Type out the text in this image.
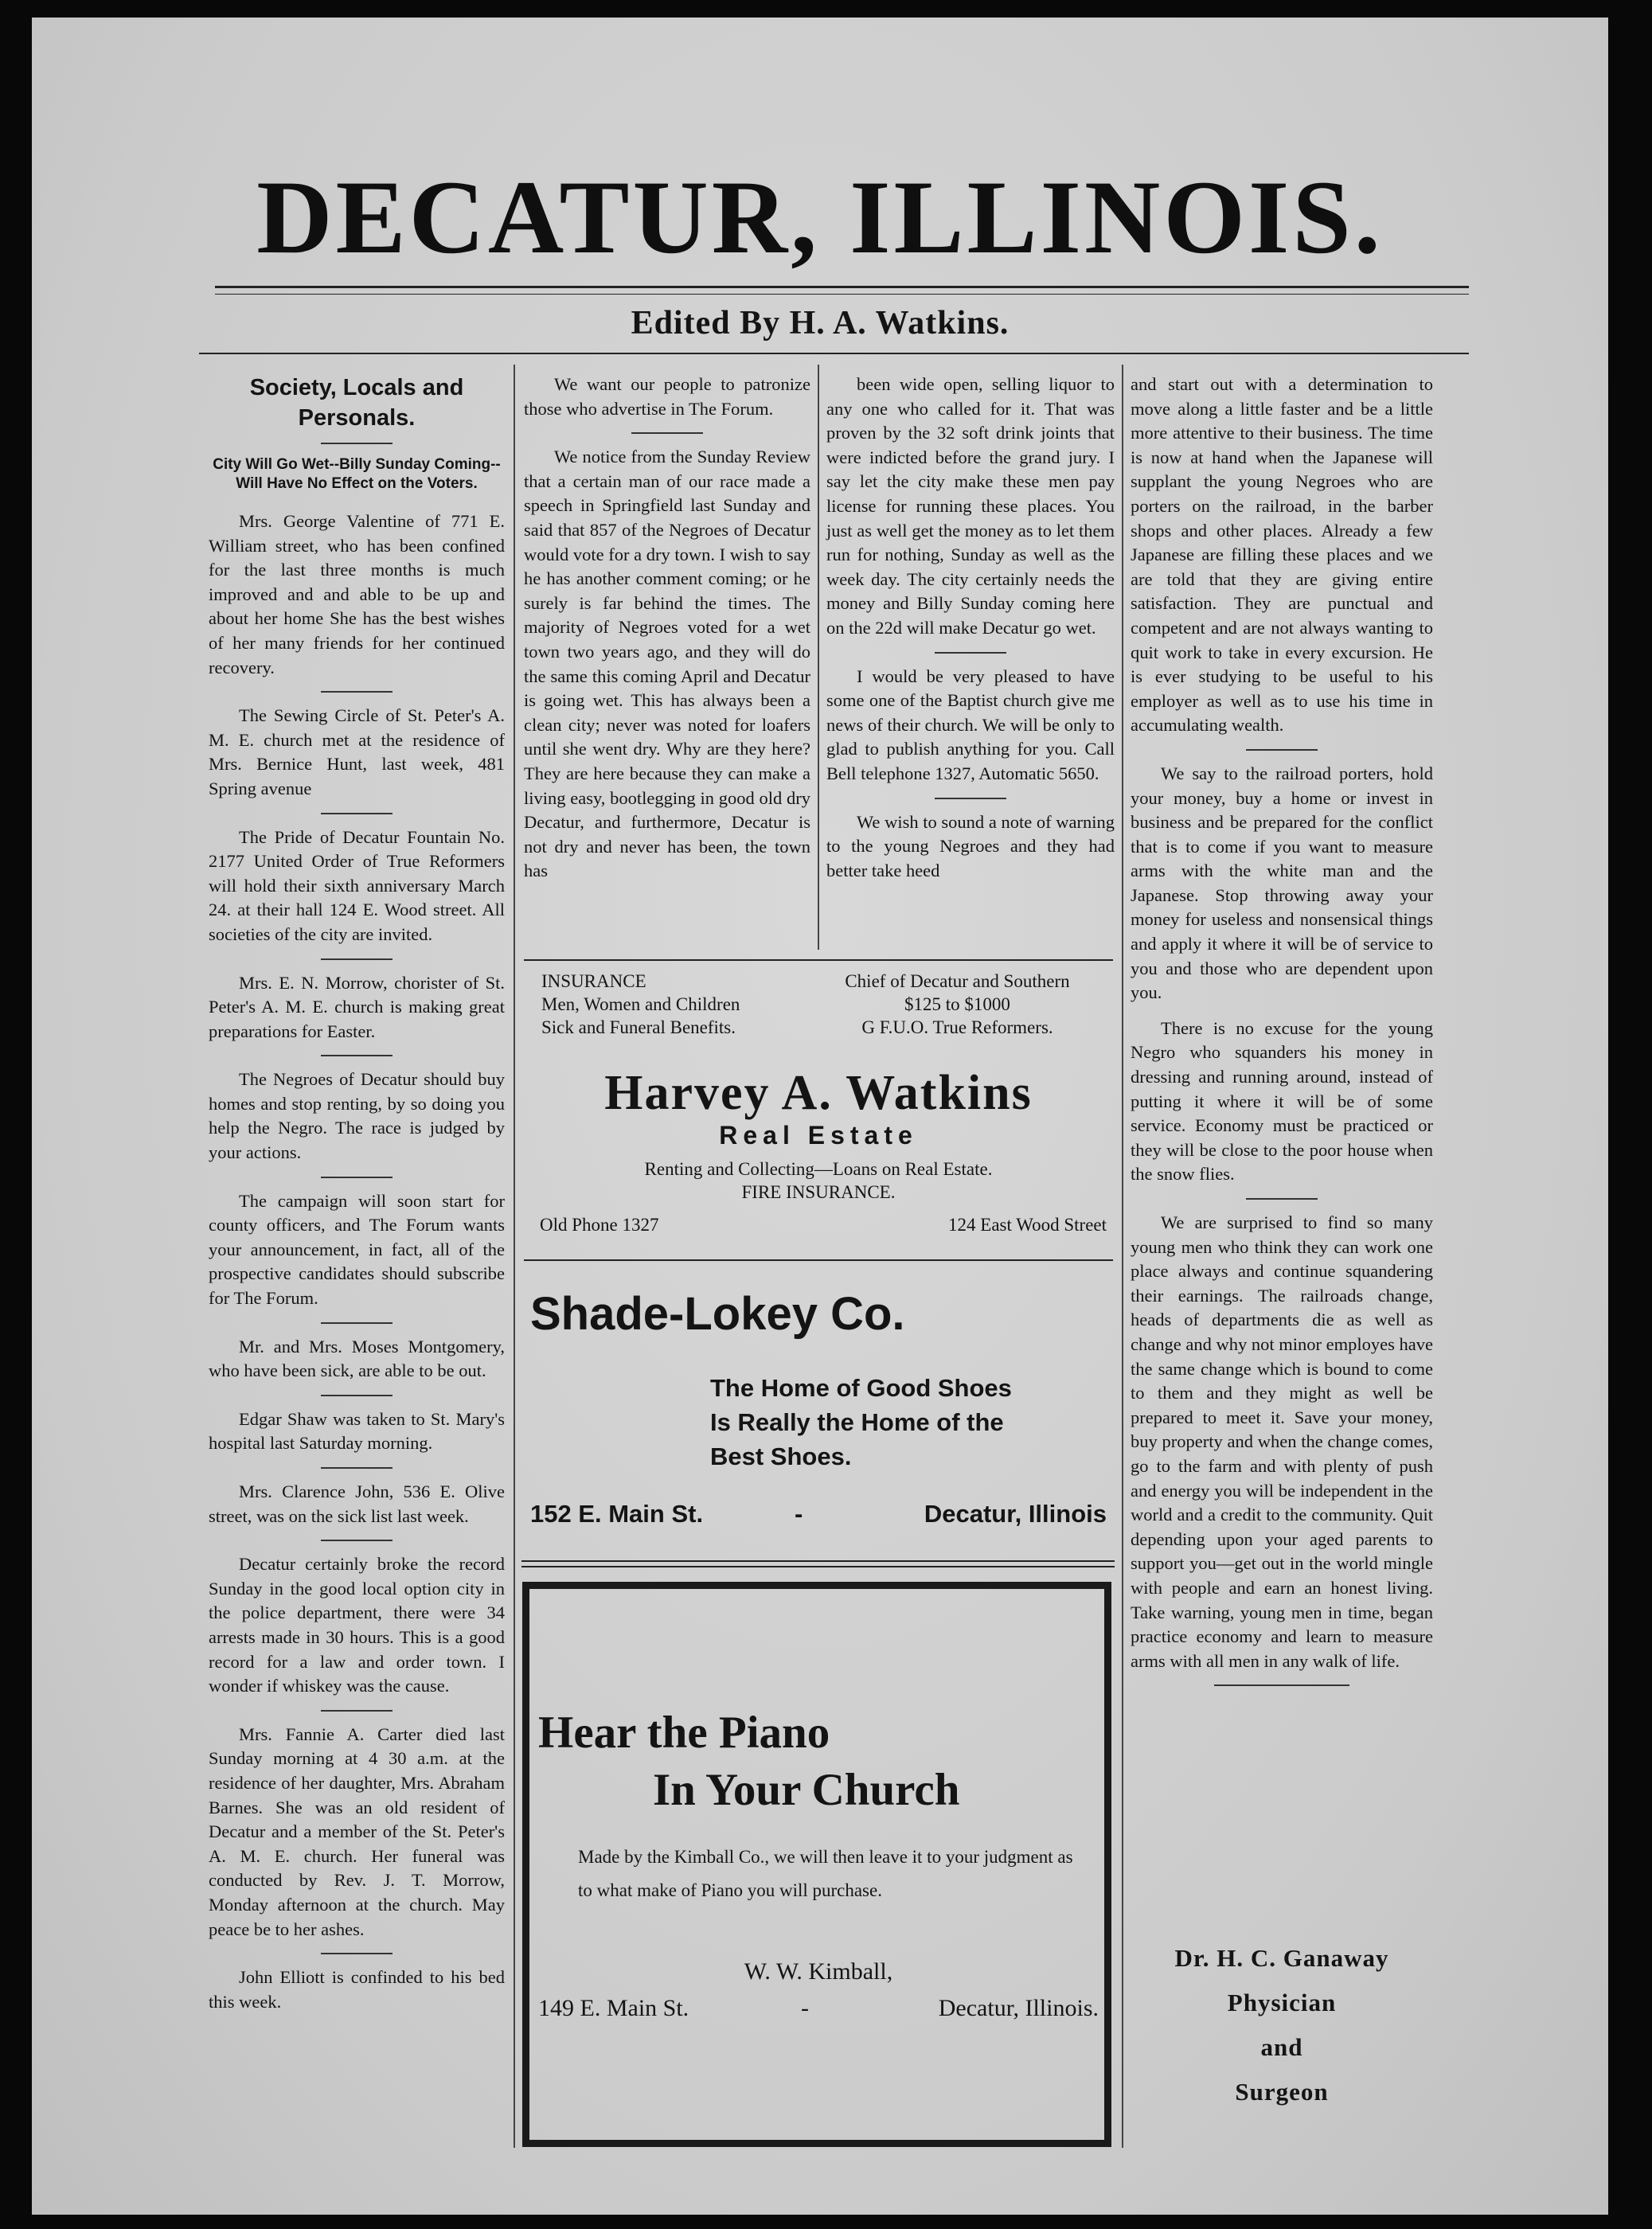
DECATUR, ILLINOIS.
Edited By H. A. Watkins.
Society, Locals and Personals.
City Will Go Wet--Billy Sunday Coming--Will Have No Effect on the Voters.

Mrs. George Valentine of 771 E. William street, who has been confined for the last three months is much improved and and able to be up and about her home She has the best wishes of her many friends for her continued recovery.

The Sewing Circle of St. Peter's A. M. E. church met at the residence of Mrs. Bernice Hunt, last week, 481 Spring avenue

The Pride of Decatur Fountain No. 2177 United Order of True Reformers will hold their sixth anniversary March 24. at their hall 124 E. Wood street. All societies of the city are invited.

Mrs. E. N. Morrow, chorister of St. Peter's A. M. E. church is making great preparations for Easter.

The Negroes of Decatur should buy homes and stop renting, by so doing you help the Negro. The race is judged by your actions.

The campaign will soon start for county officers, and The Forum wants your announcement, in fact, all of the prospective candidates should subscribe for The Forum.

Mr. and Mrs. Moses Montgomery, who have been sick, are able to be out.

Edgar Shaw was taken to St. Mary's hospital last Saturday morning.

Mrs. Clarence John, 536 E. Olive street, was on the sick list last week.

Decatur certainly broke the record Sunday in the good local option city in the police department, there were 34 arrests made in 30 hours. This is a good record for a law and order town. I wonder if whiskey was the cause.

Mrs. Fannie A. Carter died last Sunday morning at 4 30 a.m. at the residence of her daughter, Mrs. Abraham Barnes. She was an old resident of Decatur and a member of the St. Peter's A. M. E. church. Her funeral was conducted by Rev. J. T. Morrow, Monday afternoon at the church. May peace be to her ashes.

John Elliott is confinded to his bed this week.

We want our people to patronize those who advertise in The Forum.

We notice from the Sunday Review that a certain man of our race made a speech in Springfield last Sunday and said that 857 of the Negroes of Decatur would vote for a dry town. I wish to say he has another comment coming; or he surely is far behind the times. The majority of Negroes voted for a wet town two years ago, and they will do the same this coming April and Decatur is going wet. This has always been a clean city; never was noted for loafers until she went dry. Why are they here? They are here because they can make a living easy, bootlegging in good old dry Decatur, and furthermore, Decatur is not dry and never has been, the town has

been wide open, selling liquor to any one who called for it. That was proven by the 32 soft drink joints that were indicted before the grand jury. I say let the city make these men pay license for running these places. You just as well get the money as to let them run for nothing, Sunday as well as the week day. The city certainly needs the money and Billy Sunday coming here on the 22d will make Decatur go wet.

I would be very pleased to have some one of the Baptist church give me news of their church. We will be only to glad to publish anything for you. Call Bell telephone 1327, Automatic 5650.

We wish to sound a note of warning to the young Negroes and they had better take heed

INSURANCE
Men, Women and Children
Sick and Funeral Benefits.
Chief of Decatur and Southern
$125 to $1000
G F.U.O. True Reformers.
Harvey A. Watkins
Real Estate
Renting and Collecting—Loans on Real Estate.
FIRE INSURANCE.
Old Phone 1327	124 East Wood Street
Shade-Lokey Co.
The Home of Good Shoes
Is Really the Home of the
Best Shoes.
152 E. Main St.	-	Decatur, Illinois
Hear the Piano
In Your Church
Made by the Kimball Co., we will then leave it to your judgment as to what make of Piano you will purchase.
W. W. Kimball,
149 E. Main St.	-	Decatur, Illinois.

and start out with a determination to move along a little faster and be a little more attentive to their business. The time is now at hand when the Japanese will supplant the young Negroes who are porters on the railroad, in the barber shops and other places. Already a few Japanese are filling these places and we are told that they are giving entire satisfaction. They are punctual and competent and are not always wanting to quit work to take in every excursion. He is ever studying to be useful to his employer as well as to use his time in accumulating wealth.

We say to the railroad porters, hold your money, buy a home or invest in business and be prepared for the conflict that is to come if you want to measure arms with the white man and the Japanese. Stop throwing away your money for useless and nonsensical things and apply it where it will be of service to you and those who are dependent upon you.

There is no excuse for the young Negro who squanders his money in dressing and running around, instead of putting it where it will be of some service. Economy must be practiced or they will be close to the poor house when the snow flies.

We are surprised to find so many young men who think they can work one place always and continue squandering their earnings. The railroads change, heads of departments die as well as change and why not minor employes have the same change which is bound to come to them and they might as well be prepared to meet it. Save your money, buy property and when the change comes, go to the farm and with plenty of push and energy you will be independent in the world and a credit to the community. Quit depending upon your aged parents to support you—get out in the world mingle with people and earn an honest living. Take warning, young men in time, began practice economy and learn to measure arms with all men in any walk of life.

Dr. H. C. Ganaway
Physician
and
Surgeon
